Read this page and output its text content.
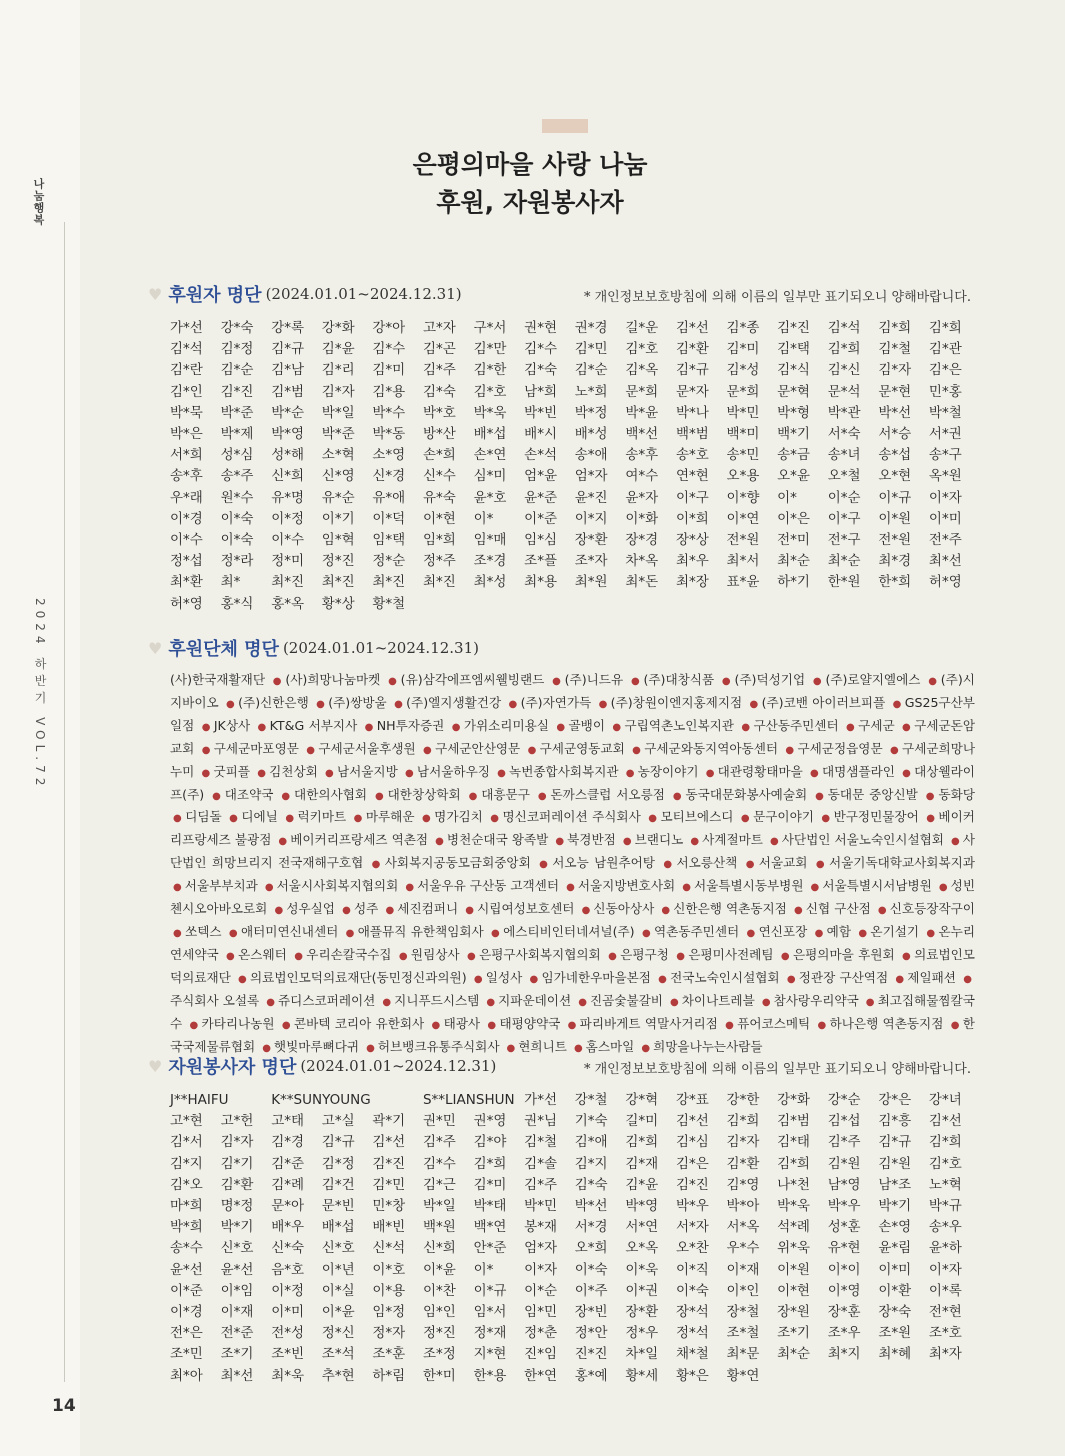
나눔행복
2024 하반기 VOL.72
14
은평의마을 사랑 나눔
후원, 자원봉사자
♥ 후원자 명단 (2024.01.01~2024.12.31)	* 개인정보보호방침에 의해 이름의 일부만 표기되오니 양해바랍니다.
가*선	강*숙	강*록	강*화	강*아	고*자	구*서	권*현	권*경	길*운	김*선	김*종	김*진	김*석	김*희	김*희
김*석	김*정	김*규	김*윤	김*수	김*곤	김*만	김*수	김*민	김*호	김*환	김*미	김*택	김*희	김*철	김*관
김*란	김*순	김*남	김*리	김*미	김*주	김*한	김*숙	김*순	김*옥	김*규	김*성	김*식	김*신	김*자	김*은
김*인	김*진	김*범	김*자	김*용	김*숙	김*호	남*희	노*희	문*희	문*자	문*희	문*혁	문*석	문*현	민*홍
박*묵	박*준	박*순	박*일	박*수	박*호	박*욱	박*빈	박*정	박*윤	박*나	박*민	박*형	박*관	박*선	박*철
박*은	박*제	박*영	박*준	박*동	방*산	배*섭	배*시	배*성	백*선	백*범	백*미	백*기	서*숙	서*승	서*권
서*희	성*심	성*해	소*혁	소*영	손*희	손*연	손*석	송*애	송*후	송*호	송*민	송*금	송*녀	송*섭	송*구
송*후	송*주	신*희	신*영	신*경	신*수	심*미	엄*윤	엄*자	여*수	연*현	오*용	오*윤	오*철	오*현	옥*원
우*래	원*수	유*명	유*순	유*애	유*숙	윤*호	윤*준	윤*진	윤*자	이*구	이*향	이*	이*순	이*규	이*자
이*경	이*숙	이*정	이*기	이*덕	이*현	이*	이*준	이*지	이*화	이*희	이*연	이*은	이*구	이*원	이*미
이*수	이*숙	이*수	임*혁	임*택	임*희	임*매	임*심	장*환	장*경	장*상	전*원	전*미	전*구	전*원	전*주
정*섭	정*라	정*미	정*진	정*순	정*주	조*경	조*플	조*자	차*옥	최*우	최*서	최*순	최*순	최*경	최*선
최*환	최*	최*진	최*진	최*진	최*진	최*성	최*용	최*원	최*돈	최*장	표*윤	하*기	한*원	한*희	허*영
허*영	홍*식	홍*옥	황*상	황*철
♥ 후원단체 명단 (2024.01.01~2024.12.31)
(사)한국재활재단 ● (사)희망나눔마켓 ● (유)삼각에프엠씨웰빙랜드 ● (주)니드유 ● (주)대창식품 ● (주)덕성기업 ● (주)로얄지엘에스 ● (주)시지바이오 ● (주)신한은행 ● (주)쌍방울 ● (주)엘지생활건강 ● (주)자연가득 ● (주)창원이엔지홍제지점 ● (주)코밴 아이러브피플 ● GS25구산부일점 ● JK상사 ● KT&G 서부지사 ● NH투자증권 ● 가위소리미용실 ● 골뱅이 ● 구립역촌노인복지관 ● 구산동주민센터 ● 구세군 ● 구세군돈암교회 ● 구세군마포영문 ● 구세군서울후생원 ● 구세군안산영문 ● 구세군영동교회 ● 구세군와동지역아동센터 ● 구세군정읍영문 ● 구세군희망나누미 ● 굿피플 ● 김천상회 ● 남서울지방 ● 남서울하우징 ● 녹번종합사회복지관 ● 농장이야기 ● 대관령황태마을 ● 대명샘플라인 ● 대상웰라이프(주) ● 대조약국 ● 대한의사협회 ● 대한창상학회 ● 대흥문구 ● 돈까스클럽 서오릉점 ● 동국대문화봉사예술회 ● 동대문 중앙신발 ● 동화당 ● 디딤돌 ● 디에닐 ● 럭키마트 ● 마루해운 ● 명가김치 ● 명신코퍼레이션 주식회사 ● 모티브에스디 ● 문구이야기 ● 반구정민물장어 ● 베이커리프랑세즈 불광점 ● 베이커리프랑세즈 역촌점 ● 병천순대국 왕족발 ● 북경반점 ● 브랜디노 ● 사계절마트 ● 사단법인 서울노숙인시설협회 ● 사단법인 희망브리지 전국재해구호협 ● 사회복지공동모금회중앙회 ● 서오능 남원추어탕 ● 서오릉산책 ● 서울교회 ● 서울기독대학교사회복지과 ● 서울부부치과 ● 서울시사회복지협의회 ● 서울우유 구산동 고객센터 ● 서울지방변호사회 ● 서울특별시동부병원 ● 서울특별시서남병원 ● 성빈첸시오아바오로회 ● 성우실업 ● 성주 ● 세진컴퍼니 ● 시립여성보호센터 ● 신동아상사 ● 신한은행 역촌동지점 ● 신협 구산점 ● 신호등장작구이 ● 쏘텍스 ● 애터미연신내센터 ● 애플뮤직 유한책임회사 ● 에스티비인터네셔널(주) ● 역촌동주민센터 ● 연신포장 ● 예함 ● 온기설기 ● 온누리연세약국 ● 온스웨터 ● 우리손칼국수집 ● 원림상사 ● 은평구사회복지협의회 ● 은평구청 ● 은평미사전례팀 ● 은평의마을 후원회 ● 의료법인모덕의료재단 ● 의료법인모덕의료재단(동민정신과의원) ● 일성사 ● 임가네한우마을본점 ● 전국노숙인시설협회 ● 정관장 구산역점 ● 제일패션 ●주식회사 오설록 ● 쥬디스코퍼레이션 ● 지니푸드시스템 ● 지파운데이션 ● 진곰숯불갈비 ● 차이나트레블 ● 참사랑우리약국 ● 최고집해물찜칼국수 ● 카타리나농원 ● 콘바텍 코리아 유한회사 ● 태광사 ● 태평양약국 ● 파리바게트 역말사거리점 ● 퓨어코스메틱 ● 하나은행 역촌동지점 ● 한국국제물류협회 ● 햇빛마루뼈다귀 ● 허브뱅크유통주식회사 ● 현희니트 ● 홈스마일 ● 희망을나누는사람들
♥ 자원봉사자 명단 (2024.01.01~2024.12.31)	* 개인정보보호방침에 의해 이름의 일부만 표기되오니 양해바랍니다.
J**HAIFU	K**SUNYOUNG	S**LIANSHUN 가*선	강*철	강*혁	강*표	강*한	강*화	강*순	강*은	강*녀
고*현	고*헌	고*태	고*실	곽*기	권*민	권*영	권*님	기*숙	길*미	김*선	김*희	김*범	김*섭	김*흥	김*선
김*서	김*자	김*경	김*규	김*선	김*주	김*야	김*철	김*애	김*희	김*심	김*자	김*태	김*주	김*규	김*희
김*지	김*기	김*준	김*정	김*진	김*수	김*희	김*솔	김*지	김*재	김*은	김*환	김*희	김*원	김*원	김*호
김*오	김*환	김*례	김*건	김*민	김*근	김*미	김*주	김*숙	김*윤	김*진	김*영	나*천	남*영	남*조	노*혁
마*희	명*정	문*아	문*빈	민*창	박*일	박*태	박*민	박*선	박*영	박*우	박*아	박*욱	박*우	박*기	박*규
박*희	박*기	배*우	배*섭	배*빈	백*원	백*연	봉*재	서*경	서*연	서*자	서*옥	석*례	성*훈	손*영	송*우
송*수	신*호	신*숙	신*호	신*석	신*희	안*준	엄*자	오*희	오*옥	오*찬	우*수	위*욱	유*현	윤*림	윤*하
윤*선	윤*선	음*호	이*년	이*호	이*윤	이*	이*자	이*숙	이*욱	이*직	이*재	이*원	이*이	이*미	이*자
이*준	이*임	이*정	이*실	이*용	이*찬	이*규	이*순	이*주	이*권	이*숙	이*인	이*현	이*영	이*환	이*록
이*경	이*재	이*미	이*윤	임*정	임*인	임*서	임*민	장*빈	장*환	장*석	장*철	장*원	장*훈	장*숙	전*현
전*은	전*준	전*성	정*신	정*자	정*진	정*재	정*춘	정*안	정*우	정*석	조*철	조*기	조*우	조*원	조*호
조*민	조*기	조*빈	조*석	조*훈	조*정	지*현	진*임	진*진	차*일	채*철	최*문	최*순	최*지	최*혜	최*자
최*아	최*선	최*욱	추*현	하*림	한*미	한*용	한*연	홍*예	황*세	황*은	황*연
